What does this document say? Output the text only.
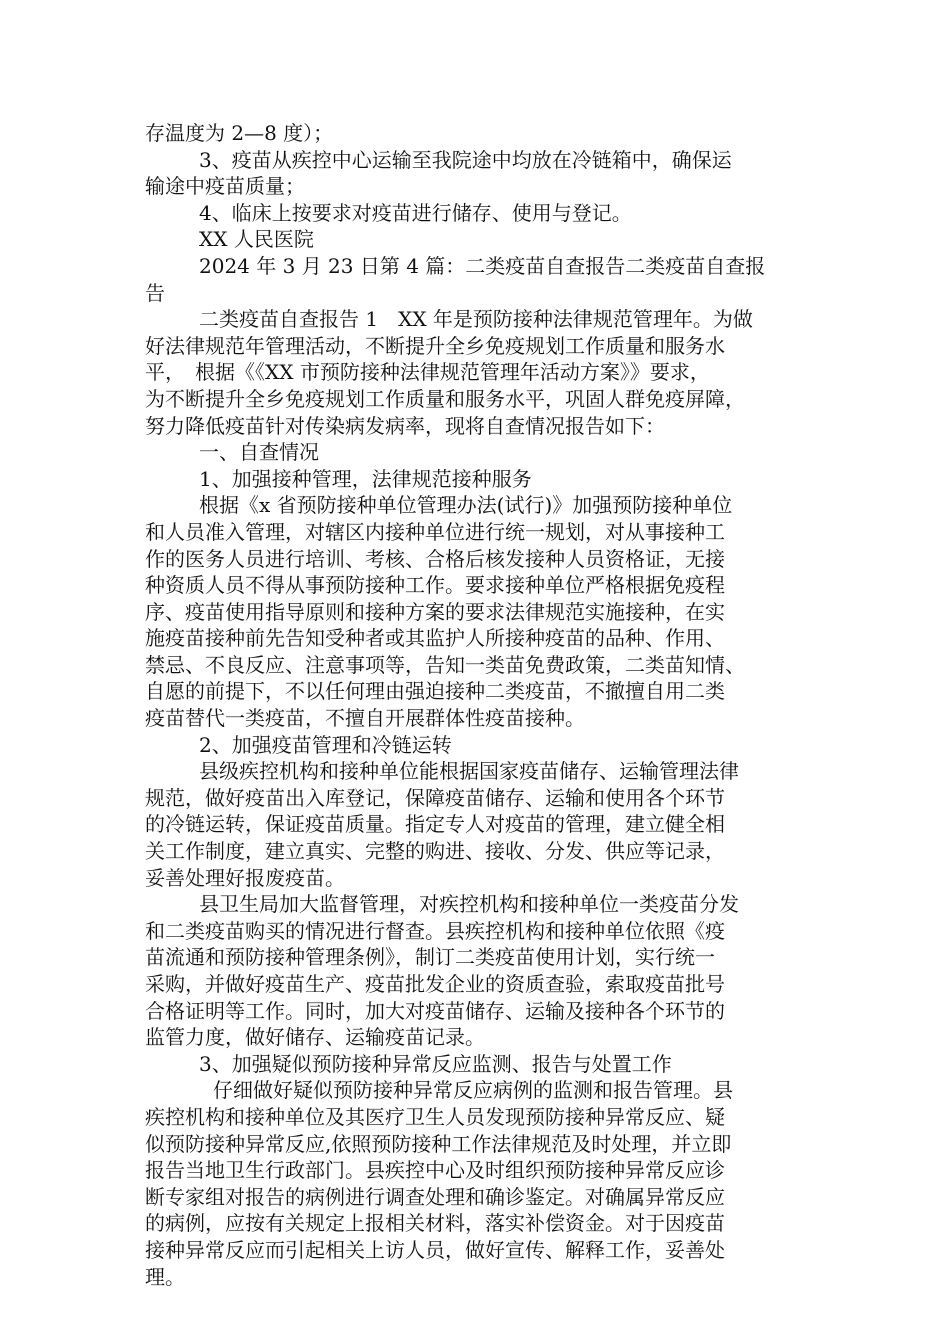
存温度为 2—8 度）；
3、疫苗从疾控中心运输至我院途中均放在冷链箱中，确保运
输途中疫苗质量；
4、临床上按要求对疫苗进行储存、使用与登记。
XX 人民医院
2024 年 3 月 23 日第 4 篇：二类疫苗自查报告二类疫苗自查报
告
二类疫苗自查报告 1　XX 年是预防接种法律规范管理年。为做
好法律规范年管理活动，不断提升全乡免疫规划工作质量和服务水
平，　根据《《XX 市预防接种法律规范管理年活动方案》》要求，
为不断提升全乡免疫规划工作质量和服务水平，巩固人群免疫屏障，
努力降低疫苗针对传染病发病率，现将自查情况报告如下：
一、自查情况
1、加强接种管理，法律规范接种服务
根据《x 省预防接种单位管理办法(试行)》加强预防接种单位
和人员准入管理，对辖区内接种单位进行统一规划，对从事接种工
作的医务人员进行培训、考核、合格后核发接种人员资格证，无接
种资质人员不得从事预防接种工作。要求接种单位严格根据免疫程
序、疫苗使用指导原则和接种方案的要求法律规范实施接种，在实
施疫苗接种前先告知受种者或其监护人所接种疫苗的品种、作用、
禁忌、不良反应、注意事项等，告知一类苗免费政策，二类苗知情、
自愿的前提下，不以任何理由强迫接种二类疫苗，不撤擅自用二类
疫苗替代一类疫苗，不擅自开展群体性疫苗接种。
2、加强疫苗管理和冷链运转
县级疾控机构和接种单位能根据国家疫苗储存、运输管理法律
规范，做好疫苗出入库登记，保障疫苗储存、运输和使用各个环节
的冷链运转，保证疫苗质量。指定专人对疫苗的管理，建立健全相
关工作制度，建立真实、完整的购进、接收、分发、供应等记录，
妥善处理好报废疫苗。
县卫生局加大监督管理，对疾控机构和接种单位一类疫苗分发
和二类疫苗购买的情况进行督查。县疾控机构和接种单位依照《疫
苗流通和预防接种管理条例》，制订二类疫苗使用计划，实行统一
采购，并做好疫苗生产、疫苗批发企业的资质查验，索取疫苗批号
合格证明等工作。同时，加大对疫苗储存、运输及接种各个环节的
监管力度，做好储存、运输疫苗记录。
3、加强疑似预防接种异常反应监测、报告与处置工作
仔细做好疑似预防接种异常反应病例的监测和报告管理。县
疾控机构和接种单位及其医疗卫生人员发现预防接种异常反应、疑
似预防接种异常反应,依照预防接种工作法律规范及时处理，并立即
报告当地卫生行政部门。县疾控中心及时组织预防接种异常反应诊
断专家组对报告的病例进行调查处理和确诊鉴定。对确属异常反应
的病例，应按有关规定上报相关材料，落实补偿资金。对于因疫苗
接种异常反应而引起相关上访人员，做好宣传、解释工作，妥善处
理。
